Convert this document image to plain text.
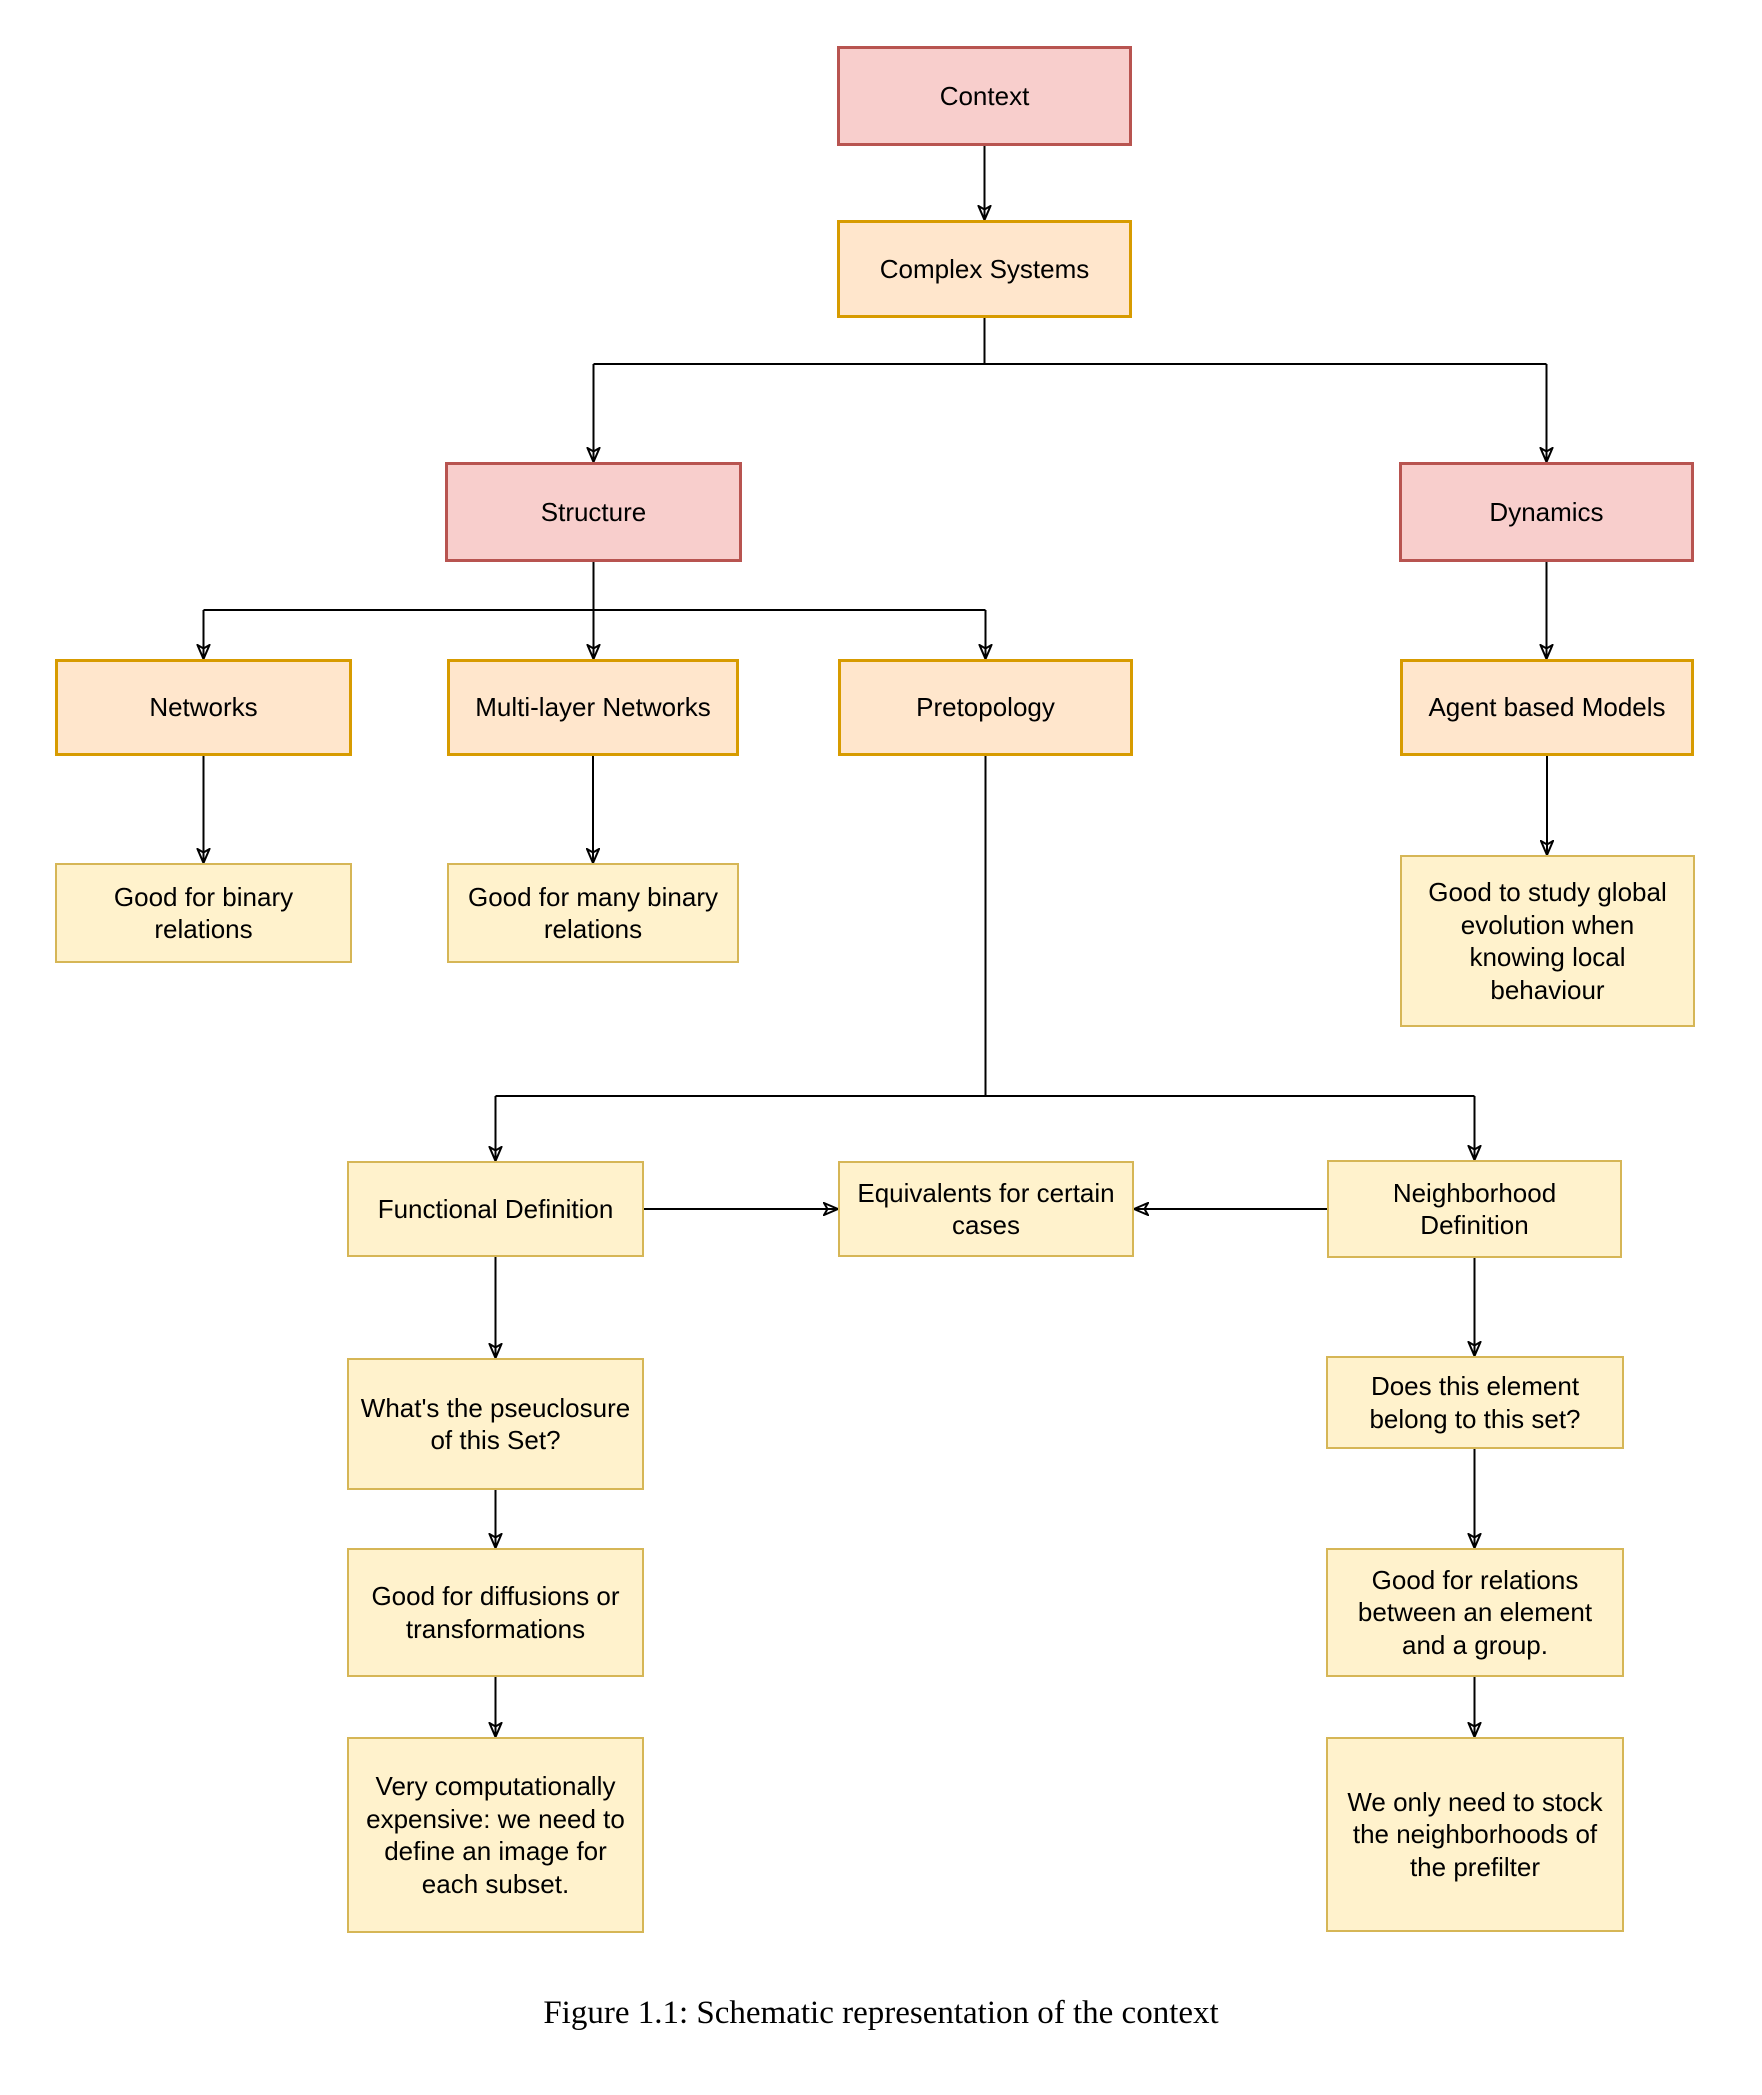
Context
Complex Systems
Structure	Dynamics
Networks	Multi-layer Networks	Pretopology	Agent based Models
Good for binary relations
Good for many binary relations
Good to study global evolution when knowing local behaviour
Functional Definition
Equivalents for certain cases
Neighborhood Definition
What's the pseuclosure of this Set?
Does this element belong to this set?
Good for diffusions or transformations
Good for relations between an element and a group.
Very computationally expensive: we need to define an image for each subset.
We only need to stock the neighborhoods of the prefilter
Figure 1.1: Schematic representation of the context
